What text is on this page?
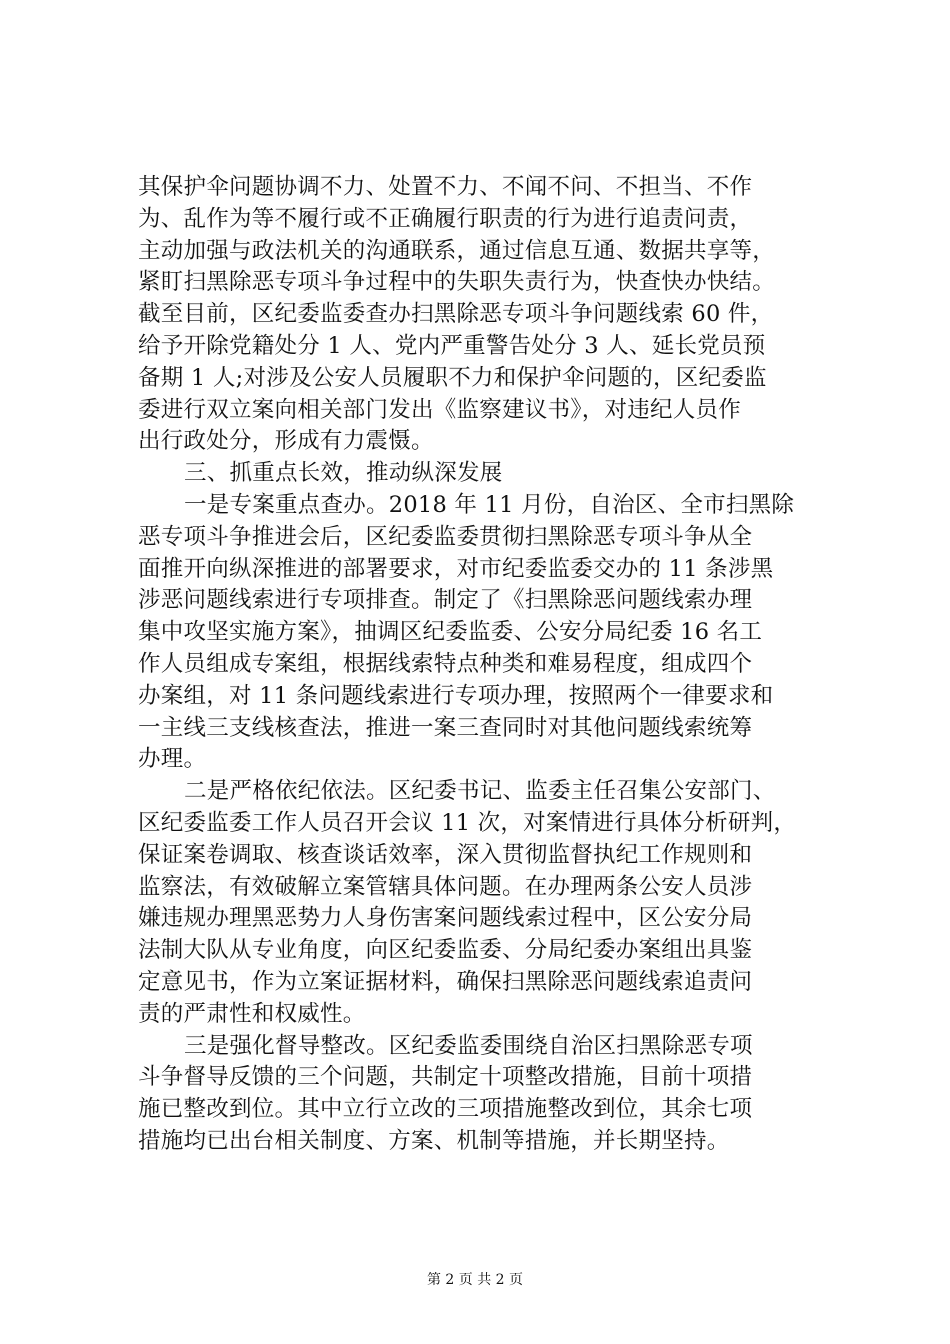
其保护伞问题协调不力、处置不力、不闻不问、不担当、不作
为、乱作为等不履行或不正确履行职责的行为进行追责问责，
主动加强与政法机关的沟通联系，通过信息互通、数据共享等，
紧盯扫黑除恶专项斗争过程中的失职失责行为，快查快办快结。
截至目前，区纪委监委查办扫黑除恶专项斗争问题线索 60 件，
给予开除党籍处分 1 人、党内严重警告处分 3 人、延长党员预
备期 1 人;对涉及公安人员履职不力和保护伞问题的，区纪委监
委进行双立案向相关部门发出《监察建议书》，对违纪人员作
出行政处分，形成有力震慑。
三、抓重点长效，推动纵深发展
一是专案重点查办。2018 年 11 月份，自治区、全市扫黑除
恶专项斗争推进会后，区纪委监委贯彻扫黑除恶专项斗争从全
面推开向纵深推进的部署要求，对市纪委监委交办的 11 条涉黑
涉恶问题线索进行专项排查。制定了《扫黑除恶问题线索办理
集中攻坚实施方案》，抽调区纪委监委、公安分局纪委 16 名工
作人员组成专案组，根据线索特点种类和难易程度，组成四个
办案组，对 11 条问题线索进行专项办理，按照两个一律要求和
一主线三支线核查法，推进一案三查同时对其他问题线索统筹
办理。
二是严格依纪依法。区纪委书记、监委主任召集公安部门、
区纪委监委工作人员召开会议 11 次，对案情进行具体分析研判，
保证案卷调取、核查谈话效率，深入贯彻监督执纪工作规则和
监察法，有效破解立案管辖具体问题。在办理两条公安人员涉
嫌违规办理黑恶势力人身伤害案问题线索过程中，区公安分局
法制大队从专业角度，向区纪委监委、分局纪委办案组出具鉴
定意见书，作为立案证据材料，确保扫黑除恶问题线索追责问
责的严肃性和权威性。
三是强化督导整改。区纪委监委围绕自治区扫黑除恶专项
斗争督导反馈的三个问题，共制定十项整改措施，目前十项措
施已整改到位。其中立行立改的三项措施整改到位，其余七项
措施均已出台相关制度、方案、机制等措施，并长期坚持。
第 2 页 共 2 页
